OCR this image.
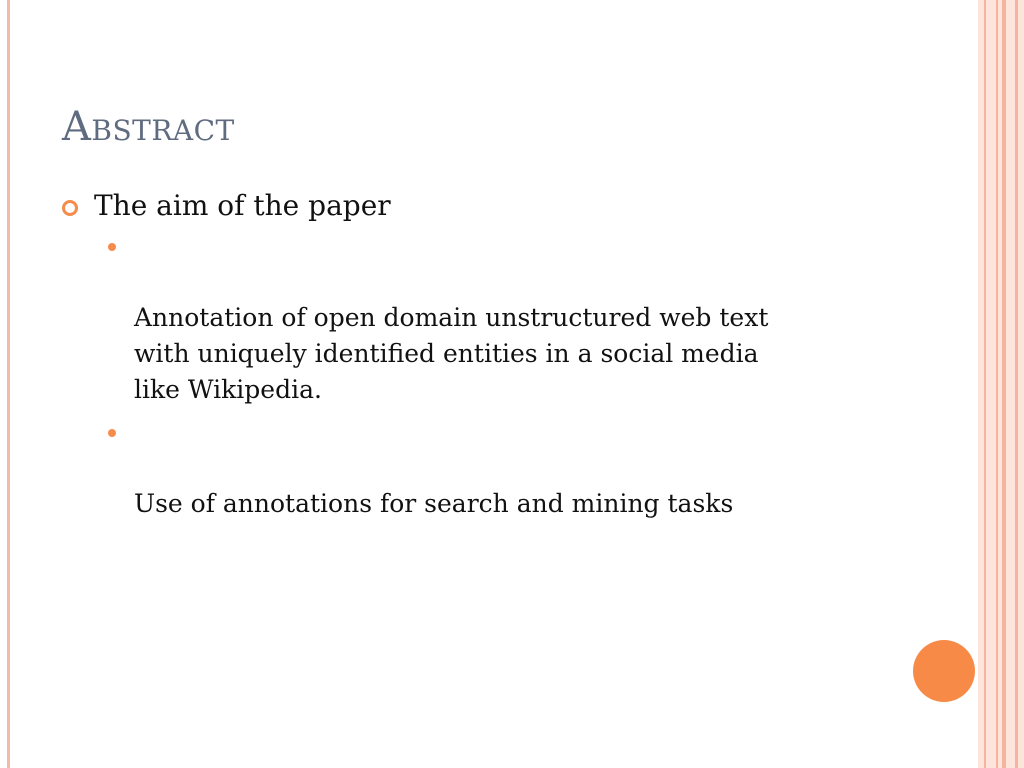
Abstract
The aim of the paper

Annotation of open domain unstructured web text
with uniquely identified entities in a social media
like Wikipedia.

Use of annotations for search and mining tasks
